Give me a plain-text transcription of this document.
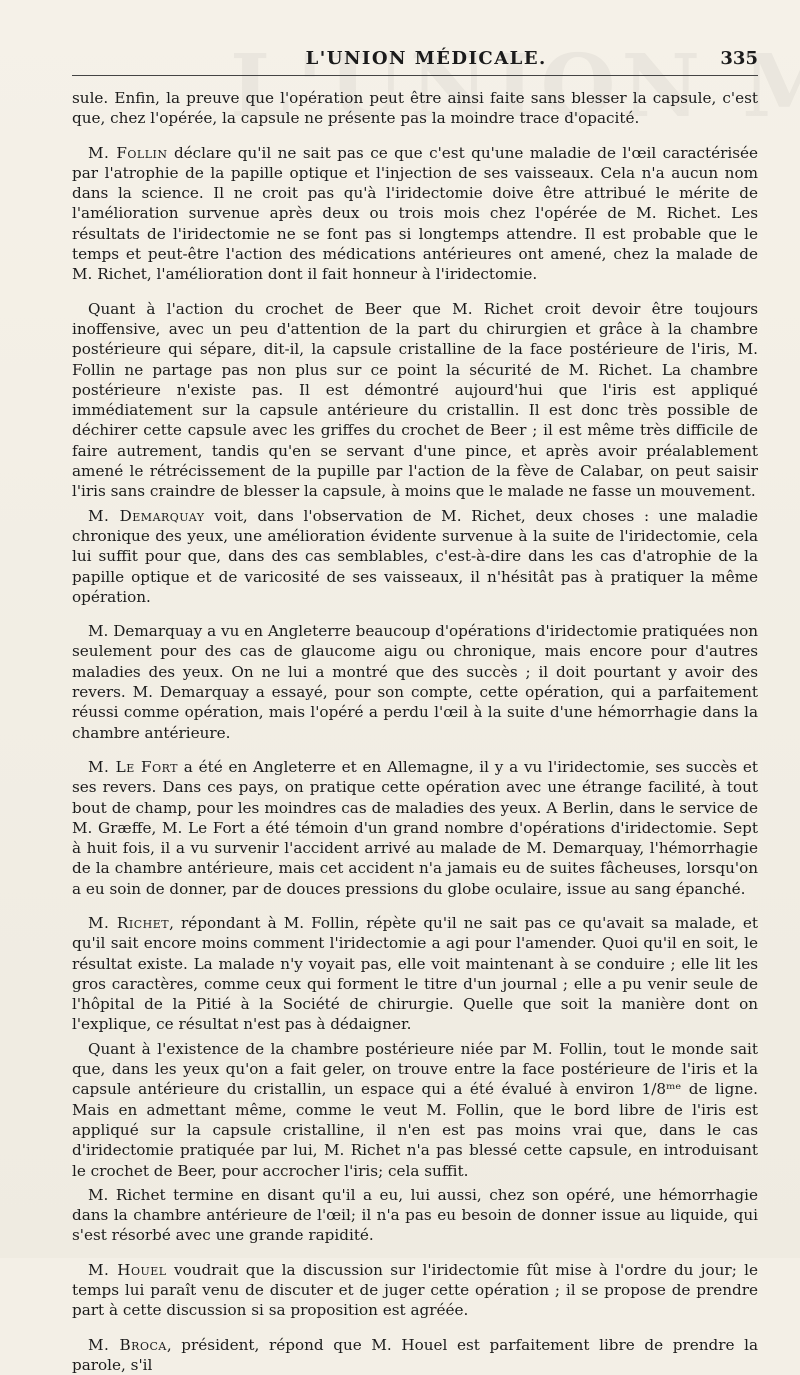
L'UNION MÉDICALE.	335

sule. Enfin, la preuve que l'opération peut être ainsi faite sans blesser la capsule, c'est que, chez l'opérée, la capsule ne présente pas la moindre trace d'opacité.

M. Follin déclare qu'il ne sait pas ce que c'est qu'une maladie de l'œil caractérisée par l'atrophie de la papille optique et l'injection de ses vaisseaux. Cela n'a aucun nom dans la science. Il ne croit pas qu'à l'iridectomie doive être attribué le mérite de l'amélioration survenue après deux ou trois mois chez l'opérée de M. Richet. Les résultats de l'iridectomie ne se font pas si longtemps attendre. Il est probable que le temps et peut-être l'action des médications antérieures ont amené, chez la malade de M. Richet, l'amélioration dont il fait honneur à l'iridectomie.

Quant à l'action du crochet de Beer que M. Richet croit devoir être toujours inoffensive, avec un peu d'attention de la part du chirurgien et grâce à la chambre postérieure qui sépare, dit-il, la capsule cristalline de la face postérieure de l'iris, M. Follin ne partage pas non plus sur ce point la sécurité de M. Richet. La chambre postérieure n'existe pas. Il est démontré aujourd'hui que l'iris est appliqué immédiatement sur la capsule antérieure du cristallin. Il est donc très possible de déchirer cette capsule avec les griffes du crochet de Beer ; il est même très difficile de faire autrement, tandis qu'en se servant d'une pince, et après avoir préalablement amené le rétrécissement de la pupille par l'action de la fève de Calabar, on peut saisir l'iris sans craindre de blesser la capsule, à moins que le malade ne fasse un mouvement.

M. Demarquay voit, dans l'observation de M. Richet, deux choses : une maladie chronique des yeux, une amélioration évidente survenue à la suite de l'iridectomie, cela lui suffit pour que, dans des cas semblables, c'est-à-dire dans les cas d'atrophie de la papille optique et de varicosité de ses vaisseaux, il n'hésitât pas à pratiquer la même opération.

M. Demarquay a vu en Angleterre beaucoup d'opérations d'iridectomie pratiquées non seulement pour des cas de glaucome aigu ou chronique, mais encore pour d'autres maladies des yeux. On ne lui a montré que des succès ; il doit pourtant y avoir des revers. M. Demarquay a essayé, pour son compte, cette opération, qui a parfaitement réussi comme opération, mais l'opéré a perdu l'œil à la suite d'une hémorrhagie dans la chambre antérieure.

M. Le Fort a été en Angleterre et en Allemagne, il y a vu l'iridectomie, ses succès et ses revers. Dans ces pays, on pratique cette opération avec une étrange facilité, à tout bout de champ, pour les moindres cas de maladies des yeux. A Berlin, dans le service de M. Græffe, M. Le Fort a été témoin d'un grand nombre d'opérations d'iridectomie. Sept à huit fois, il a vu survenir l'accident arrivé au malade de M. Demarquay, l'hémorrhagie de la chambre antérieure, mais cet accident n'a jamais eu de suites fâcheuses, lorsqu'on a eu soin de donner, par de douces pressions du globe oculaire, issue au sang épanché.

M. Richet, répondant à M. Follin, répète qu'il ne sait pas ce qu'avait sa malade, et qu'il sait encore moins comment l'iridectomie a agi pour l'amender. Quoi qu'il en soit, le résultat existe. La malade n'y voyait pas, elle voit maintenant à se conduire ; elle lit les gros caractères, comme ceux qui forment le titre d'un journal ; elle a pu venir seule de l'hôpital de la Pitié à la Société de chirurgie. Quelle que soit la manière dont on l'explique, ce résultat n'est pas à dédaigner.

Quant à l'existence de la chambre postérieure niée par M. Follin, tout le monde sait que, dans les yeux qu'on a fait geler, on trouve entre la face postérieure de l'iris et la capsule antérieure du cristallin, un espace qui a été évalué à environ 1/8ᵐᵉ de ligne. Mais en admettant même, comme le veut M. Follin, que le bord libre de l'iris est appliqué sur la capsule cristalline, il n'en est pas moins vrai que, dans le cas d'iridectomie pratiquée par lui, M. Richet n'a pas blessé cette capsule, en introduisant le crochet de Beer, pour accrocher l'iris; cela suffit.

M. Richet termine en disant qu'il a eu, lui aussi, chez son opéré, une hémorrhagie dans la chambre antérieure de l'œil; il n'a pas eu besoin de donner issue au liquide, qui s'est résorbé avec une grande rapidité.

M. Houel voudrait que la discussion sur l'iridectomie fût mise à l'ordre du jour; le temps lui paraît venu de discuter et de juger cette opération ; il se propose de prendre part à cette discussion si sa proposition est agréée.

M. Broca, président, répond que M. Houel est parfaitement libre de prendre la parole, s'il
